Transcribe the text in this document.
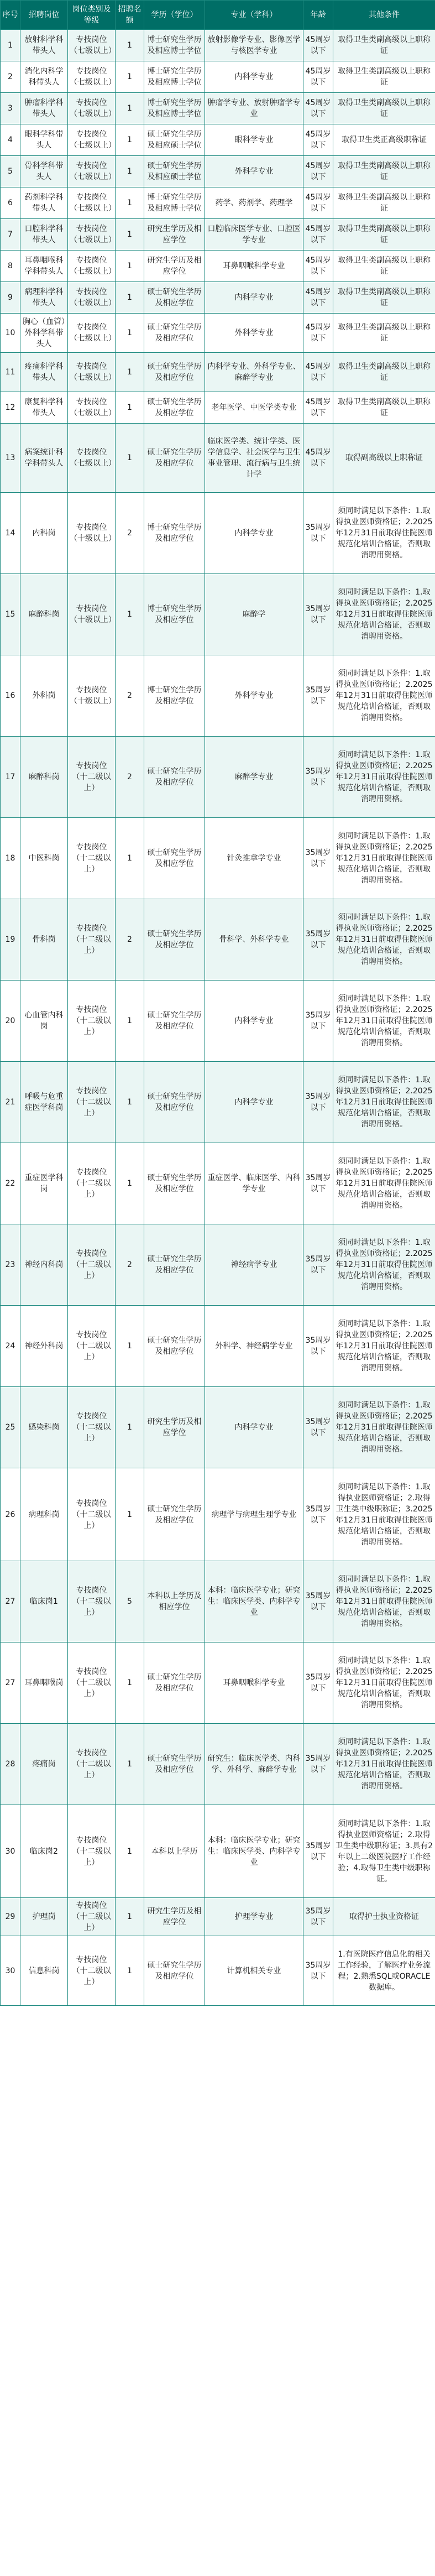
序号	招聘岗位	岗位类别及等级	招聘名额	学历（学位）	专业（学科）	年龄	其他条件
1	放射科学科带头人	专技岗位（七级以上）	1	博士研究生学历及相应博士学位	放射影像学专业、影像医学与核医学专业	45周岁以下	取得卫生类副高级以上职称证
2	消化内科学科带头人	专技岗位（七级以上）	1	博士研究生学历及相应博士学位	内科学专业	45周岁以下	取得卫生类副高级以上职称证
3	肿瘤科学科带头人	专技岗位（七级以上）	1	博士研究生学历及相应博士学位	肿瘤学专业、放射肿瘤学专业	45周岁以下	取得卫生类副高级以上职称证
4	眼科学科带头人	专技岗位（七级以上）	1	硕士研究生学历及相应硕士学位	眼科学专业	45周岁以下	取得卫生类正高级职称证
5	骨科学科带头人	专技岗位（七级以上）	1	硕士研究生学历及相应硕士学位	外科学专业	45周岁以下	取得卫生类副高级以上职称证
6	药剂科学科带头人	专技岗位（七级以上）	1	博士研究生学历及相应博士学位	药学、药剂学、药理学	45周岁以下	取得卫生类副高级以上职称证
7	口腔科学科带头人	专技岗位（七级以上）	1	研究生学历及相应学位	口腔临床医学专业、口腔医学专业	45周岁以下	取得卫生类副高级以上职称证
8	耳鼻咽喉科学科带头人	专技岗位（七级以上）	1	研究生学历及相应学位	耳鼻咽喉科学专业	45周岁以下	取得卫生类副高级以上职称证
9	病理科学科带头人	专技岗位（七级以上）	1	硕士研究生学历及相应学位	内科学专业	45周岁以下	取得卫生类副高级以上职称证
10	胸心（血管）外科学科带头人	专技岗位（七级以上）	1	硕士研究生学历及相应学位	外科学专业	45周岁以下	取得卫生类副高级以上职称证
11	疼痛科学科带头人	专技岗位（七级以上）	1	硕士研究生学历及相应学位	内科学专业、外科学专业、麻醉学专业	45周岁以下	取得卫生类副高级以上职称证
12	康复科学科带头人	专技岗位（七级以上）	1	硕士研究生学历及相应学位	老年医学、中医学类专业	45周岁以下	取得卫生类副高级以上职称证
13	病案统计科学科带头人	专技岗位（七级以上）	1	硕士研究生学历及相应学位	临床医学类、统计学类、医学信息学、社会医学与卫生事业管理、流行病与卫生统计学	45周岁以下	取得副高级以上职称证
14	内科岗	专技岗位（十级以上）	2	博士研究生学历及相应学位	内科学专业	35周岁以下	须同时满足以下条件：1.取得执业医师资格证；2.2025年12月31日前取得住院医师规范化培训合格证，否则取消聘用资格。
15	麻醉科岗	专技岗位（十级以上）	1	博士研究生学历及相应学位	麻醉学	35周岁以下	须同时满足以下条件：1.取得执业医师资格证；2.2025年12月31日前取得住院医师规范化培训合格证，否则取消聘用资格。
16	外科岗	专技岗位（十级以上）	2	博士研究生学历及相应学位	外科学专业	35周岁以下	须同时满足以下条件：1.取得执业医师资格证；2.2025年12月31日前取得住院医师规范化培训合格证，否则取消聘用资格。
17	麻醉科岗	专技岗位（十二级以上）	2	硕士研究生学历及相应学位	麻醉学专业	35周岁以下	须同时满足以下条件：1.取得执业医师资格证；2.2025年12月31日前取得住院医师规范化培训合格证，否则取消聘用资格。
18	中医科岗	专技岗位（十二级以上）	1	硕士研究生学历及相应学位	针灸推拿学专业	35周岁以下	须同时满足以下条件：1.取得执业医师资格证；2.2025年12月31日前取得住院医师规范化培训合格证，否则取消聘用资格。
19	骨科岗	专技岗位（十二级以上）	2	硕士研究生学历及相应学位	骨科学、外科学专业	35周岁以下	须同时满足以下条件：1.取得执业医师资格证；2.2025年12月31日前取得住院医师规范化培训合格证，否则取消聘用资格。
20	心血管内科岗	专技岗位（十二级以上）	1	硕士研究生学历及相应学位	内科学专业	35周岁以下	须同时满足以下条件：1.取得执业医师资格证；2.2025年12月31日前取得住院医师规范化培训合格证，否则取消聘用资格。
21	呼吸与危重症医学科岗	专技岗位（十二级以上）	1	硕士研究生学历及相应学位	内科学专业	35周岁以下	须同时满足以下条件：1.取得执业医师资格证；2.2025年12月31日前取得住院医师规范化培训合格证，否则取消聘用资格。
22	重症医学科岗	专技岗位（十二级以上）	1	硕士研究生学历及相应学位	重症医学、临床医学、内科学专业	35周岁以下	须同时满足以下条件：1.取得执业医师资格证；2.2025年12月31日前取得住院医师规范化培训合格证，否则取消聘用资格。
23	神经内科岗	专技岗位（十二级以上）	2	硕士研究生学历及相应学位	神经病学专业	35周岁以下	须同时满足以下条件：1.取得执业医师资格证；2.2025年12月31日前取得住院医师规范化培训合格证，否则取消聘用资格。
24	神经外科岗	专技岗位（十二级以上）	1	硕士研究生学历及相应学位	外科学、神经病学专业	35周岁以下	须同时满足以下条件：1.取得执业医师资格证；2.2025年12月31日前取得住院医师规范化培训合格证，否则取消聘用资格。
25	感染科岗	专技岗位（十二级以上）	1	研究生学历及相应学位	内科学专业	35周岁以下	须同时满足以下条件：1.取得执业医师资格证；2.2025年12月31日前取得住院医师规范化培训合格证，否则取消聘用资格。
26	病理科岗	专技岗位（十二级以上）	1	硕士研究生学历及相应学位	病理学与病理生理学专业	35周岁以下	须同时满足以下条件：1.取得执业医师资格证；2.取得卫生类中级职称证；3.2025年12月31日前取得住院医师规范化培训合格证，否则取消聘用资格。
27	临床岗1	专技岗位（十二级以上）	5	本科以上学历及相应学位	本科：临床医学专业；研究生：临床医学类、内科学专业	35周岁以下	须同时满足以下条件：1.取得执业医师资格证；2.2025年12月31日前取得住院医师规范化培训合格证，否则取消聘用资格。
27	耳鼻咽喉岗	专技岗位（十二级以上）	1	硕士研究生学历及相应学位	耳鼻咽喉科学专业	35周岁以下	须同时满足以下条件：1.取得执业医师资格证；2.2025年12月31日前取得住院医师规范化培训合格证，否则取消聘用资格。
28	疼痛岗	专技岗位（十二级以上）	1	硕士研究生学历及相应学位	研究生：临床医学类、内科学、外科学、麻醉学专业	35周岁以下	须同时满足以下条件：1.取得执业医师资格证；2.2025年12月31日前取得住院医师规范化培训合格证，否则取消聘用资格。
30	临床岗2	专技岗位（十二级以上）	1	本科以上学历	本科：临床医学专业；研究生：临床医学类、内科学专业	35周岁以下	须同时满足以下条件：1.取得执业医师资格证；2.取得卫生类中级职称证；3.具有2年以上二级医院医疗工作经验；4.取得卫生类中级职称证。
29	护理岗	专技岗位（十二级以上）	1	研究生学历及相应学位	护理学专业	35周岁以下	取得护士执业资格证
30	信息科岗	专技岗位（十二级以上）	1	硕士研究生学历及相应学位	计算机相关专业	35周岁以下	1.有医院医疗信息化的相关工作经验，了解医疗业务流程；2.熟悉SQL或ORACLE数据库。
